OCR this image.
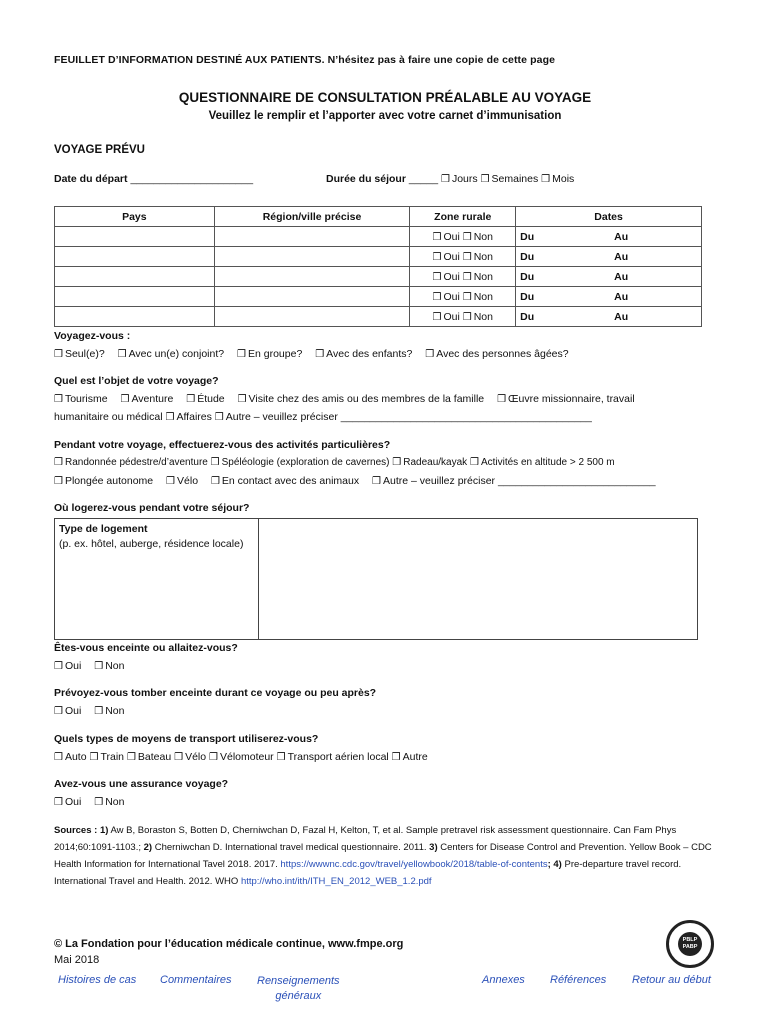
FEUILLET D’INFORMATION DESTINÉ AUX PATIENTS. N’hésitez pas à faire une copie de cette page
QUESTIONNAIRE DE CONSULTATION PRÉALABLE AU VOYAGE
Veuillez le remplir et l’apporter avec votre carnet d’immunisation
VOYAGE PRÉVU
Date du départ _____________________	Durée du séjour _____ ❒ Jours ❒ Semaines ❒ Mois
Pays	Région/ville précise	Zone rurale	Dates
		❒ Oui ❒ Non	Du Au
		❒ Oui ❒ Non	Du Au
		❒ Oui ❒ Non	Du Au
		❒ Oui ❒ Non	Du Au
		❒ Oui ❒ Non	Du Au
Voyagez-vous :
❒ Seul(e)? ❒ Avec un(e) conjoint? ❒ En groupe? ❒ Avec des enfants? ❒ Avec des personnes âgées?
Quel est l’objet de votre voyage?
❒ Tourisme ❒ Aventure ❒ Étude ❒ Visite chez des amis ou des membres de la famille ❒ Œuvre missionnaire, travail
humanitaire ou médical ❒ Affaires ❒ Autre – veuillez préciser ___________________________________________
Pendant votre voyage, effectuerez-vous des activités particulières?
❒ Randonnée pédestre/d’aventure ❒ Spéléologie (exploration de cavernes) ❒ Radeau/kayak ❒ Activités en altitude > 2 500 m
❒ Plongée autonome ❒ Vélo ❒ En contact avec des animaux ❒ Autre – veuillez préciser ___________________________
Où logerez-vous pendant votre séjour?
Type de logement
(p. ex. hôtel, auberge, résidence locale)
Êtes-vous enceinte ou allaitez-vous?
❒ Oui ❒ Non
Prévoyez-vous tomber enceinte durant ce voyage ou peu après?
❒ Oui ❒ Non
Quels types de moyens de transport utiliserez-vous?
❒ Auto ❒ Train ❒ Bateau ❒ Vélo ❒ Vélomoteur ❒ Transport aérien local ❒ Autre
Avez-vous une assurance voyage?
❒ Oui ❒ Non
Sources : 1) Aw B, Boraston S, Botten D, Cherniwchan D, Fazal H, Kelton, T, et al. Sample pretravel risk assessment questionnaire. Can Fam Phys 2014;60:1091-1103.; 2) Cherniwchan D. International travel medical questionnaire. 2011. 3) Centers for Disease Control and Prevention. Yellow Book – CDC Health Information for International Tavel 2018. 2017. https://wwwnc.cdc.gov/travel/yellowbook/2018/table-of-contents; 4) Pre-departure travel record. International Travel and Health. 2012. WHO http://who.int/ith/ITH_EN_2012_WEB_1.2.pdf
© La Fondation pour l’éducation médicale continue, www.fmpe.org
Mai 2018
PBLP
PABP
Histoires de cas Commentaires Renseignements
généraux
Annexes Références Retour au début
